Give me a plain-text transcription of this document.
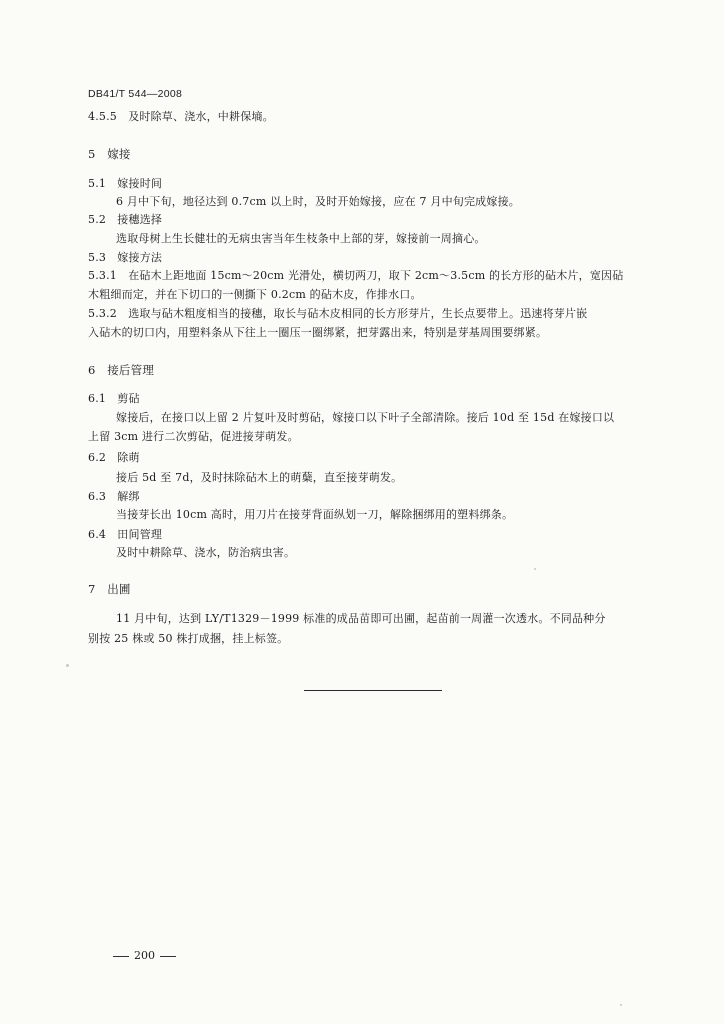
DB41/T 544—2008
4.5.5　及时除草、浇水，中耕保墒。
5　嫁接
5.1　嫁接时间
6 月中下旬，地径达到 0.7cm 以上时，及时开始嫁接，应在 7 月中旬完成嫁接。
5.2　接穗选择
选取母树上生长健壮的无病虫害当年生枝条中上部的芽，嫁接前一周摘心。
5.3　嫁接方法
5.3.1　在砧木上距地面 15cm～20cm 光滑处，横切两刀，取下 2cm～3.5cm 的长方形的砧木片，宽因砧
木粗细而定，并在下切口的一侧撕下 0.2cm 的砧木皮，作排水口。
5.3.2　选取与砧木粗度相当的接穗，取长与砧木皮相同的长方形芽片，生长点要带上。迅速将芽片嵌
入砧木的切口内，用塑料条从下往上一圈压一圈绑紧，把芽露出来，特别是芽基周围要绑紧。
6　接后管理
6.1　剪砧
嫁接后，在接口以上留 2 片复叶及时剪砧，嫁接口以下叶子全部清除。接后 10d 至 15d 在嫁接口以
上留 3cm 进行二次剪砧，促进接芽萌发。
6.2　除萌
接后 5d 至 7d，及时抹除砧木上的萌蘖，直至接芽萌发。
6.3　解绑
当接芽长出 10cm 高时，用刀片在接芽背面纵划一刀，解除捆绑用的塑料绑条。
6.4　田间管理
及时中耕除草、浇水，防治病虫害。
7　出圃
11 月中旬，达到 LY/T1329－1999 标准的成品苗即可出圃，起苗前一周灌一次透水。不同品种分
别按 25 株或 50 株打成捆，挂上标签。
200
